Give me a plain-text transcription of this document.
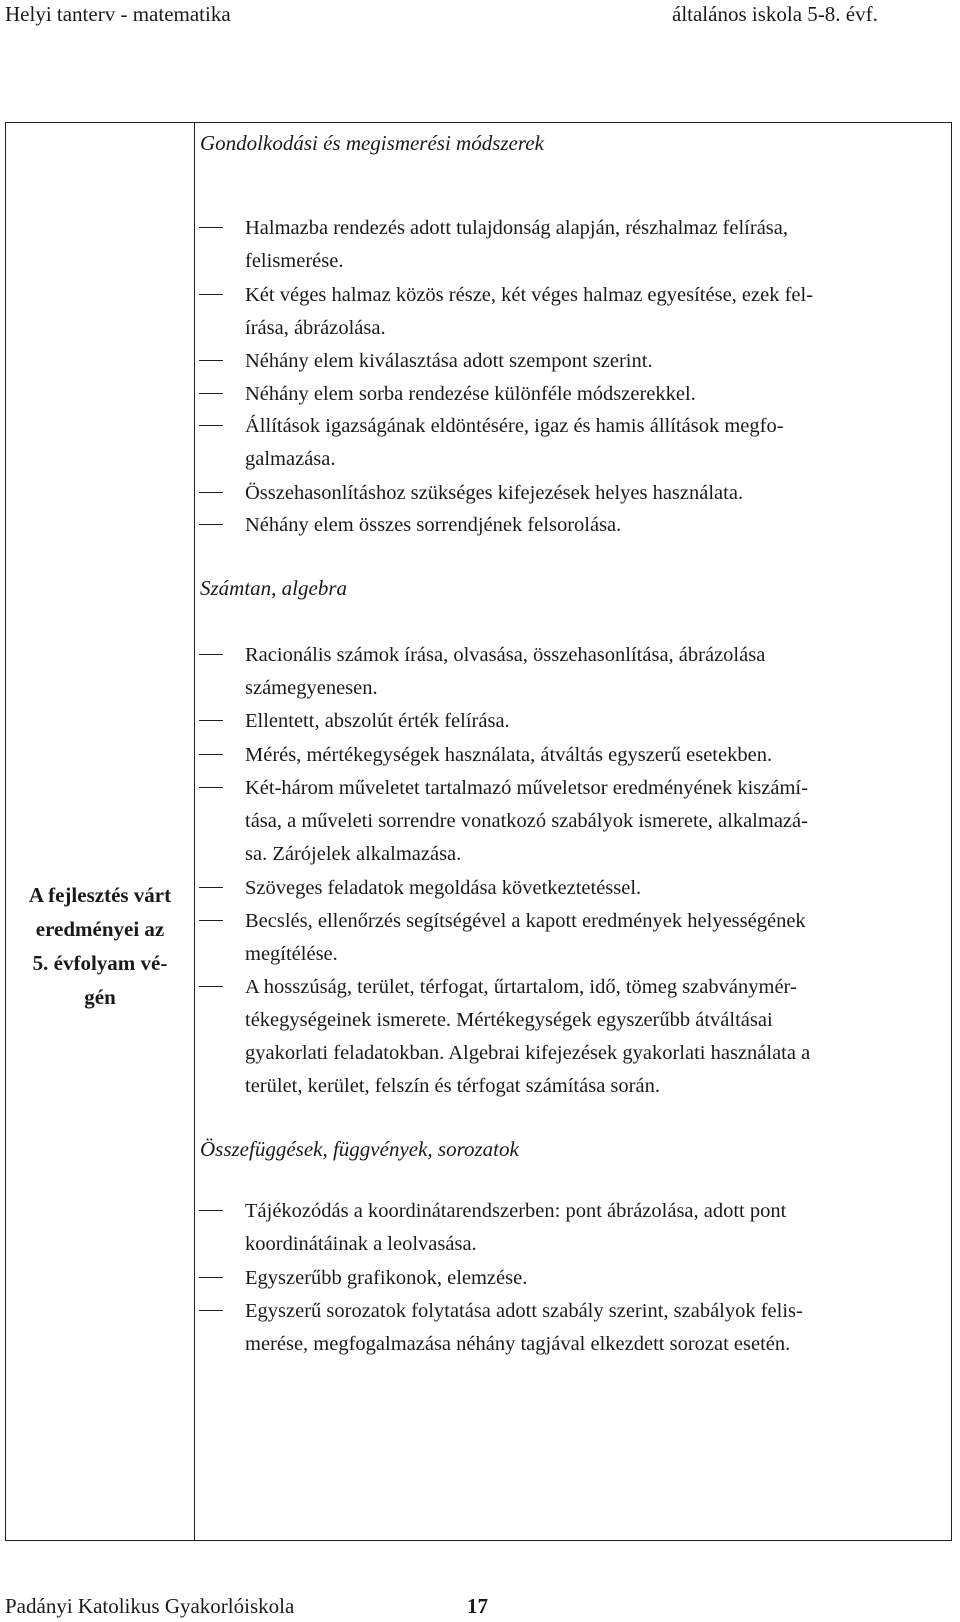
Helyi tanterv - matematika	általános iskola 5-8. évf.
A fejlesztés várt
eredményei az
5. évfolyam vé-
gén
Gondolkodási és megismerési módszerek
Halmazba rendezés adott tulajdonság alapján, részhalmaz felírása,
felismerése.
Két véges halmaz közös része, két véges halmaz egyesítése, ezek fel-
írása, ábrázolása.
Néhány elem kiválasztása adott szempont szerint.
Néhány elem sorba rendezése különféle módszerekkel.
Állítások igazságának eldöntésére, igaz és hamis állítások megfo-
galmazása.
Összehasonlításhoz szükséges kifejezések helyes használata.
Néhány elem összes sorrendjének felsorolása.
Számtan, algebra
Racionális számok írása, olvasása, összehasonlítása, ábrázolása
számegyenesen.
Ellentett, abszolút érték felírása.
Mérés, mértékegységek használata, átváltás egyszerű esetekben.
Két-három műveletet tartalmazó műveletsor eredményének kiszámí-
tása, a műveleti sorrendre vonatkozó szabályok ismerete, alkalmazá-
sa. Zárójelek alkalmazása.
Szöveges feladatok megoldása következtetéssel.
Becslés, ellenőrzés segítségével a kapott eredmények helyességének
megítélése.
A hosszúság, terület, térfogat, űrtartalom, idő, tömeg szabványmér-
tékegységeinek ismerete. Mértékegységek egyszerűbb átváltásai
gyakorlati feladatokban. Algebrai kifejezések gyakorlati használata a
terület, kerület, felszín és térfogat számítása során.
Összefüggések, függvények, sorozatok
Tájékozódás a koordinátarendszerben: pont ábrázolása, adott pont
koordinátáinak a leolvasása.
Egyszerűbb grafikonok, elemzése.
Egyszerű sorozatok folytatása adott szabály szerint, szabályok felis-
merése, megfogalmazása néhány tagjával elkezdett sorozat esetén.
Padányi Katolikus Gyakorlóiskola	17
